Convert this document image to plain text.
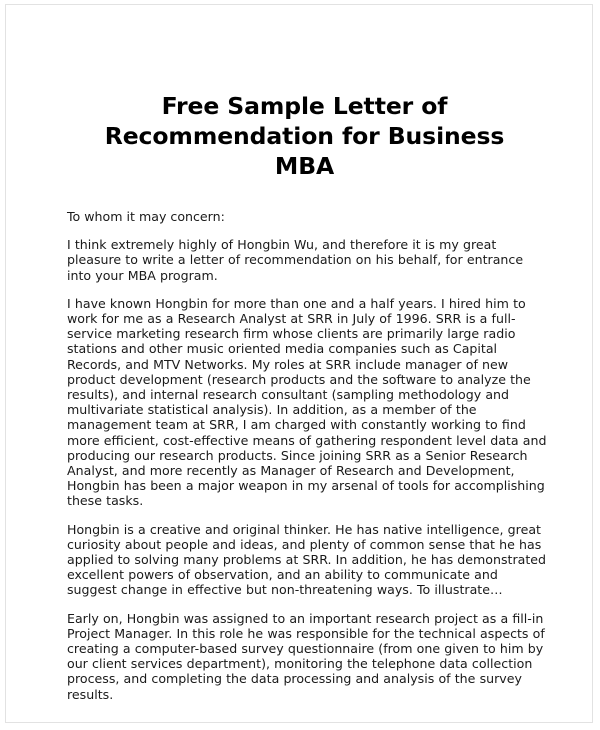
Free Sample Letter of Recommendation for Business MBA

To whom it may concern:

I think extremely highly of Hongbin Wu, and therefore it is my great pleasure to write a letter of recommendation on his behalf, for entrance into your MBA program.

I have known Hongbin for more than one and a half years. I hired him to work for me as a Research Analyst at SRR in July of 1996. SRR is a full-service marketing research firm whose clients are primarily large radio stations and other music oriented media companies such as Capital Records, and MTV Networks. My roles at SRR include manager of new product development (research products and the software to analyze the results), and internal research consultant (sampling methodology and multivariate statistical analysis). In addition, as a member of the management team at SRR, I am charged with constantly working to find more efficient, cost-effective means of gathering respondent level data and producing our research products. Since joining SRR as a Senior Research Analyst, and more recently as Manager of Research and Development, Hongbin has been a major weapon in my arsenal of tools for accomplishing these tasks.

Hongbin is a creative and original thinker. He has native intelligence, great curiosity about people and ideas, and plenty of common sense that he has applied to solving many problems at SRR. In addition, he has demonstrated excellent powers of observation, and an ability to communicate and suggest change in effective but non-threatening ways. To illustrate…

Early on, Hongbin was assigned to an important research project as a fill-in Project Manager. In this role he was responsible for the technical aspects of creating a computer-based survey questionnaire (from one given to him by our client services department), monitoring the telephone data collection process, and completing the data processing and analysis of the survey results.
